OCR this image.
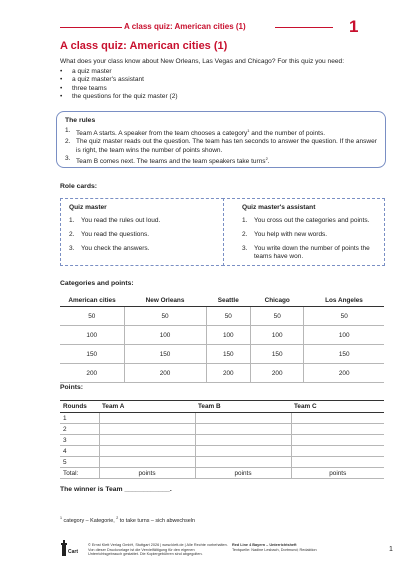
A class quiz: American cities (1)	1
A class quiz: American cities (1)
What does your class know about New Orleans, Las Vegas and Chicago? For this quiz you need:
• a quiz master
• a quiz master's assistant
• three teams
• the questions for the quiz master (2)
The rules
1. Team A starts. A speaker from the team chooses a category$^1$ and the number of points.
2. The quiz master reads out the question. The team has ten seconds to answer the question. If the answer is right, the team wins the number of points shown.
3. Team B comes next. The teams and the team speakers take turns$^2$.
Role cards:
Quiz master
1.	You read the rules out loud.
2.	You read the questions.
3.	You check the answers.
Quiz master's assistant
1.	You cross out the categories and points.
2.	You help with new words.
3.	You write down the number of points the teams have won.
Categories and points:
American cities	New Orleans	Seattle	Chicago	Los Angeles
50	50	50	50	50
100	100	100	100	100
150	150	150	150	150
200	200	200	200	200
Points:
Rounds	Team A	Team B	Team C
1			
2			
3			
4			
5			
Total:	points	points	points
The winner is Team ____________.
$^1$ category – Kategorie, $^2$ to take turns – sich abwechseln
Cart
© Ernst Klett Verlag GmbH, Stuttgart 2026 | www.klett.de | Alle Rechte vorbehalten. Von dieser Druckvorlage ist die Vervielfältigung für den eigenen Unterrichtsgebrauch gestattet. Die Kopiergebühren sind abgegolten.
Red Line 4 Bayern – Unterrichtsheft
Textquelle: Nadine Lesbach, Dortmund; Redaktion	1
